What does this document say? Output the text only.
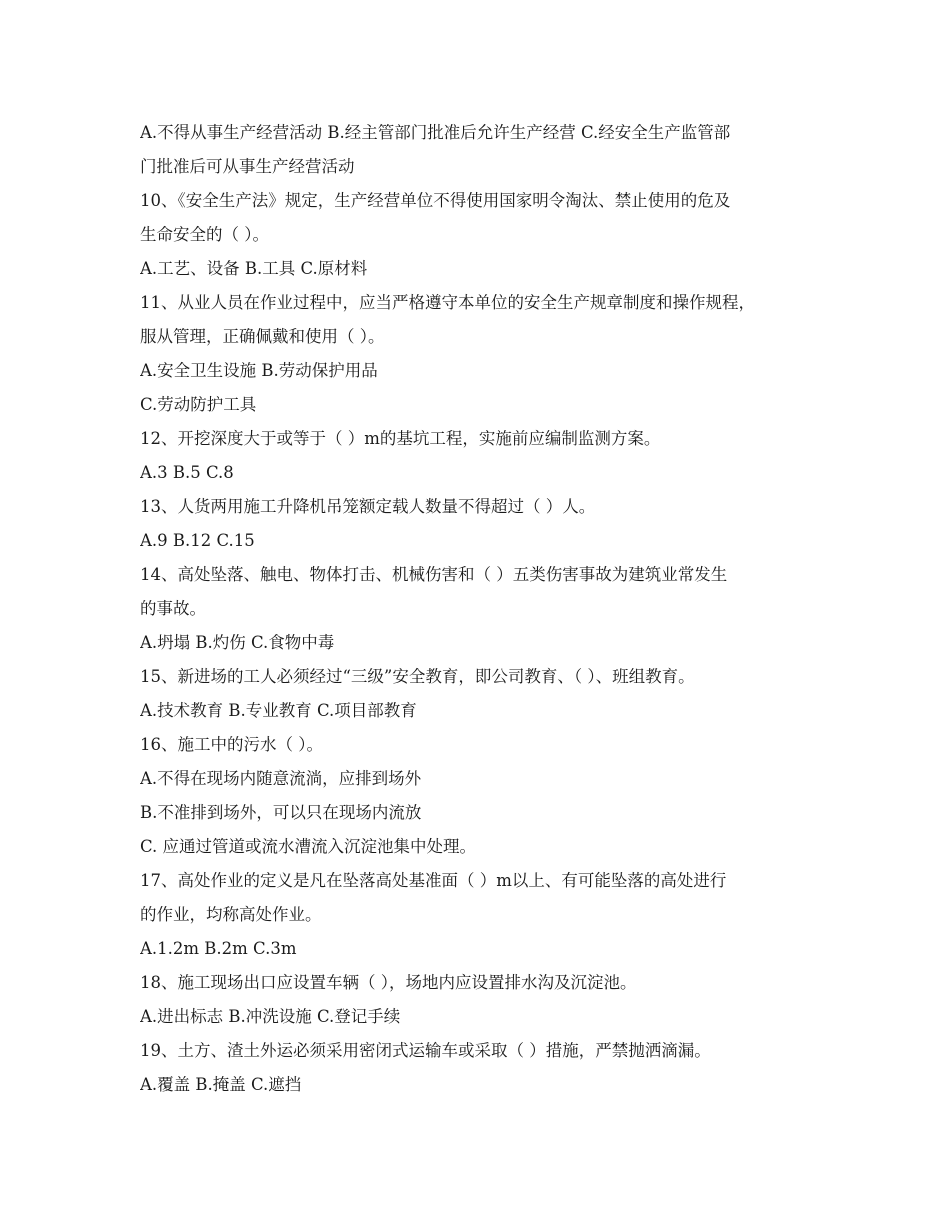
A.不得从事生产经营活动 B.经主管部门批准后允许生产经营 C.经安全生产监管部
门批准后可从事生产经营活动
10、《安全生产法》规定，生产经营单位不得使用国家明令淘汰、禁止使用的危及
生命安全的（ ）。
A.工艺、设备 B.工具 C.原材料
11、从业人员在作业过程中，应当严格遵守本单位的安全生产规章制度和操作规程，
服从管理，正确佩戴和使用（ ）。
A.安全卫生设施 B.劳动保护用品
C.劳动防护工具
12、开挖深度大于或等于（ ）m的基坑工程，实施前应编制监测方案。
A.3 B.5 C.8
13、人货两用施工升降机吊笼额定载人数量不得超过（ ）人。
A.9 B.12 C.15
14、高处坠落、触电、物体打击、机械伤害和（ ）五类伤害事故为建筑业常发生
的事故。
A.坍塌 B.灼伤 C.食物中毒
15、新进场的工人必须经过“三级”安全教育，即公司教育、（ ）、班组教育。
A.技术教育 B.专业教育 C.项目部教育
16、施工中的污水（ ）。
A.不得在现场内随意流淌，应排到场外
B.不准排到场外，可以只在现场内流放
C. 应通过管道或流水漕流入沉淀池集中处理。
17、高处作业的定义是凡在坠落高处基准面（ ）m以上、有可能坠落的高处进行
的作业，均称高处作业。
A.1.2m B.2m C.3m
18、施工现场出口应设置车辆（ ），场地内应设置排水沟及沉淀池。
A.进出标志 B.冲洗设施 C.登记手续
19、土方、渣土外运必须采用密闭式运输车或采取（ ）措施，严禁抛洒滴漏。
A.覆盖 B.掩盖 C.遮挡
